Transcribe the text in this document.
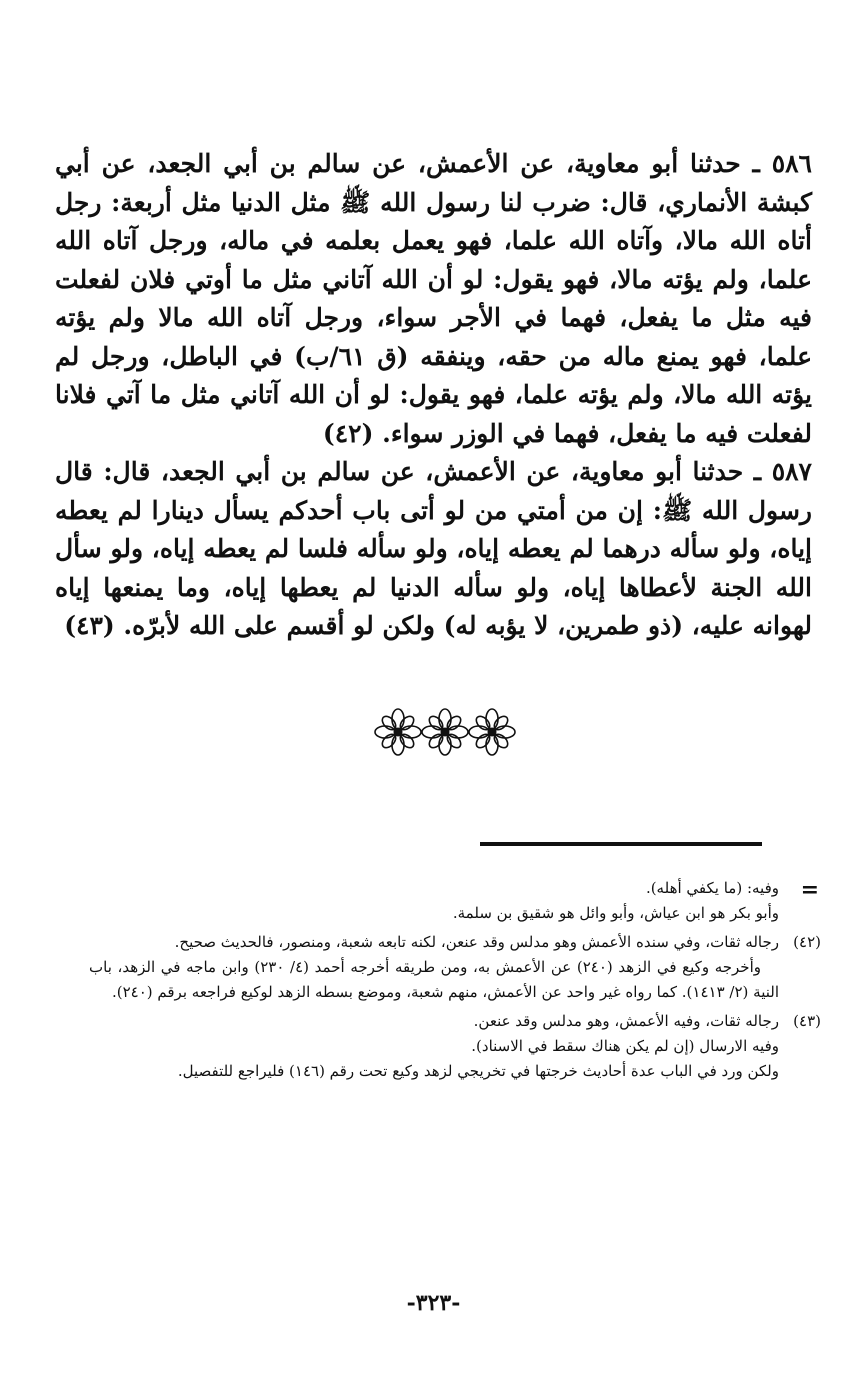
٥٨٦ ـ حدثنا أبو معاوية، عن الأعمش، عن سالم بن أبي الجعد، عن أبي كبشة الأنماري، قال: ضرب لنا رسول الله ﷺ مثل الدنيا مثل أربعة: رجل أتاه الله مالا، وآتاه الله علما، فهو يعمل بعلمه في ماله، ورجل آتاه الله علما، ولم يؤته مالا، فهو يقول: لو أن الله آتاني مثل ما أوتي فلان لفعلت فيه مثل ما يفعل، فهما في الأجر سواء، ورجل آتاه الله مالا ولم يؤته علما، فهو يمنع ماله من حقه، وينفقه (ق ٦١/ب) في الباطل، ورجل لم يؤته الله مالا، ولم يؤته علما، فهو يقول: لو أن الله آتاني مثل ما آتي فلانا لفعلت فيه ما يفعل، فهما في الوزر سواء. (٤٢)

٥٨٧ ـ حدثنا أبو معاوية، عن الأعمش، عن سالم بن أبي الجعد، قال: قال رسول الله ﷺ: إن من أمتي من لو أتى باب أحدكم يسأل دينارا لم يعطه إياه، ولو سأله درهما لم يعطه إياه، ولو سأله فلسا لم يعطه إياه، ولو سأل الله الجنة لأعطاها إياه، ولو سأله الدنيا لم يعطها إياه، وما يمنعها إياه لهوانه عليه، (ذو طمرين، لا يؤبه له) ولكن لو أقسم على الله لأبرّه. (٤٣)

=

وفيه: (ما يكفي أهله).

وأبو بكر هو ابن عياش، وأبو وائل هو شقيق بن سلمة.

(٤٢)

رجاله ثقات، وفي سنده الأعمش وهو مدلس وقد عنعن، لكنه تابعه شعبة، ومنصور، فالحديث صحيح.

وأخرجه وكيع في الزهد (٢٤٠) عن الأعمش به، ومن طريقه أخرجه أحمد (٤/ ٢٣٠) وابن ماجه في الزهد، باب النية (٢/ ١٤١٣). كما رواه غير واحد عن الأعمش، منهم شعبة، وموضع بسطه الزهد لوكيع فراجعه برقم (٢٤٠).

(٤٣)

رجاله ثقات، وفيه الأعمش، وهو مدلس وقد عنعن.

وفيه الارسال (إن لم يكن هناك سقط في الاسناد).

ولكن ورد في الباب عدة أحاديث خرجتها في تخريجي لزهد وكيع تحت رقم (١٤٦) فليراجع للتفصيل.

-٣٢٣-
